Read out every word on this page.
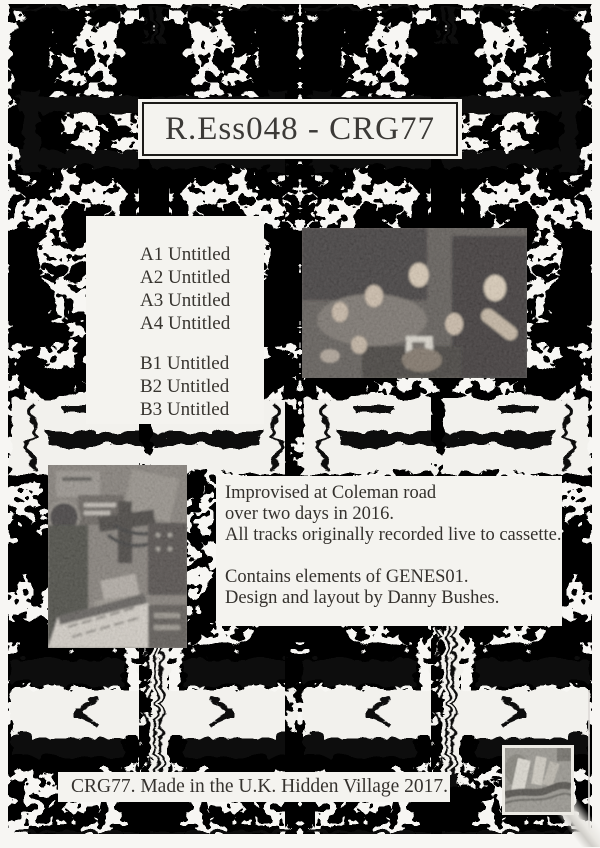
R.Ess048 - CRG77
A1 Untitled
A2 Untitled
A3 Untitled
A4 Untitled
B1 Untitled
B2 Untitled
B3 Untitled
Improvised at Coleman road
over two days in 2016.
All tracks originally recorded live to cassette.
Contains elements of GENES01.
Design and layout by Danny Bushes.
CRG77. Made in the U.K. Hidden Village 2017.
